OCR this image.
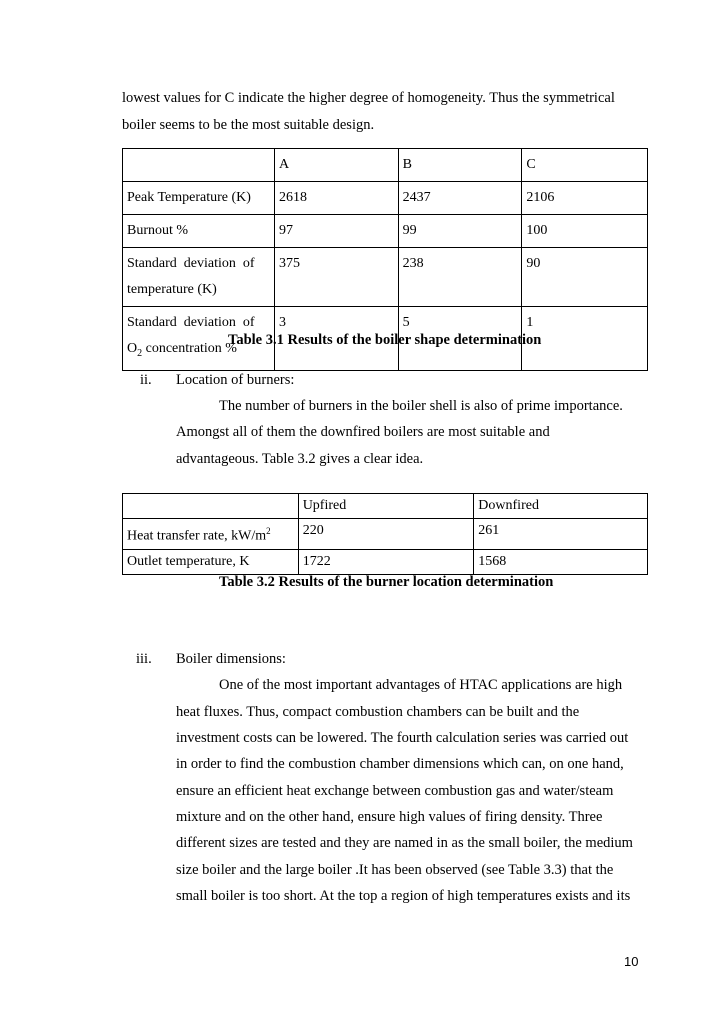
lowest values for C indicate the higher degree of homogeneity. Thus the symmetrical
boiler seems to be the most suitable design.
	A	B	C
Peak Temperature (K)	2618	2437	2106
Burnout %	97	99	100

Standard  deviation  of
temperature (K)	375	238	90

Standard  deviation  of
$O_2$ concentration %	3	5	1
Table 3.1 Results of the boiler shape determination
ii. Location of burners:
The number of burners in the boiler shell is also of prime importance.
Amongst all of them the downfired boilers are most suitable and
advantageous. Table 3.2 gives a clear idea.
	Upfired	Downfired
Heat transfer rate, $kW/m^2$	220	261
Outlet temperature, K	1722	1568
Table 3.2 Results of the burner location determination
iii. Boiler dimensions:
One of the most important advantages of HTAC applications are high
heat fluxes. Thus, compact combustion chambers can be built and the
investment costs can be lowered. The fourth calculation series was carried out
in order to find the combustion chamber dimensions which can, on one hand,
ensure an efficient heat exchange between combustion gas and water/steam
mixture and on the other hand, ensure high values of firing density. Three
different sizes are tested and they are named in as the small boiler, the medium
size boiler and the large boiler .It has been observed (see Table 3.3) that the
small boiler is too short. At the top a region of high temperatures exists and its
10
